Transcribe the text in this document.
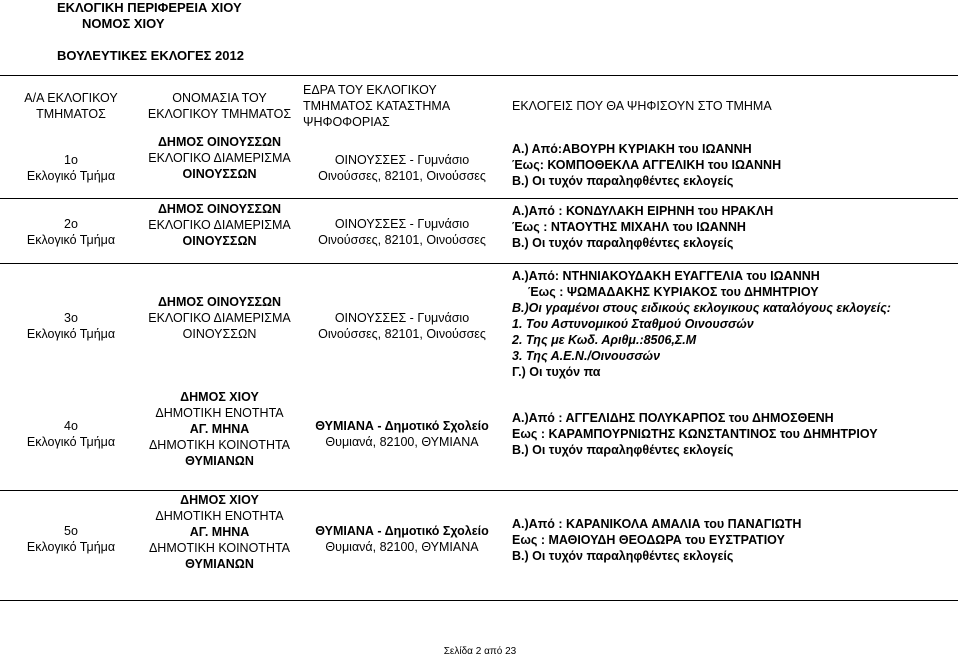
ΕΚΛΟΓΙΚΗ ΠΕΡΙΦΕΡΕΙΑ ΧΙΟΥ
ΝΟΜΟΣ ΧΙΟΥ
ΒΟΥΛΕΥΤΙΚΕΣ ΕΚΛΟΓΕΣ 2012
Α/Α ΕΚΛΟΓΙΚΟΥ
ΤΜΗΜΑΤΟΣ
ΟΝΟΜΑΣΙΑ ΤΟΥ
ΕΚΛΟΓΙΚΟΥ ΤΜΗΜΑΤΟΣ
ΕΔΡΑ ΤΟΥ ΕΚΛΟΓΙΚΟΥ
ΤΜΗΜΑΤΟΣ ΚΑΤΑΣΤΗΜΑ
ΨΗΦΟΦΟΡΙΑΣ
ΕΚΛΟΓΕΙΣ ΠΟΥ ΘΑ ΨΗΦΙΣΟΥΝ ΣΤΟ ΤΜΗΜΑ
1ο
Εκλογικό Τμήμα
ΔΗΜΟΣ ΟΙΝΟΥΣΣΩΝ
ΕΚΛΟΓΙΚΟ ΔΙΑΜΕΡΙΣΜΑ
ΟΙΝΟΥΣΣΩΝ
ΟΙΝΟΥΣΣΕΣ - Γυμνάσιο
Οινούσσες, 82101, Οινούσσες
Α.) Από:ΑΒΟΥΡΗ ΚΥΡΙΑΚΗ του ΙΩΑΝΝΗ
Έως: ΚΟΜΠΟΘΕΚΛΑ ΑΓΓΕΛΙΚΗ του ΙΩΑΝΝΗ
Β.) Οι τυχόν παραληφθέντες εκλογείς
2ο
Εκλογικό Τμήμα
ΔΗΜΟΣ ΟΙΝΟΥΣΣΩΝ
ΕΚΛΟΓΙΚΟ ΔΙΑΜΕΡΙΣΜΑ
ΟΙΝΟΥΣΣΩΝ
ΟΙΝΟΥΣΣΕΣ - Γυμνάσιο
Οινούσσες, 82101, Οινούσσες
Α.)Από : ΚΟΝΔΥΛΑΚΗ ΕΙΡΗΝΗ του ΗΡΑΚΛΗ
Έως : ΝΤΑΟΥΤΗΣ ΜΙΧΑΗΛ του ΙΩΑΝΝΗ
Β.) Οι τυχόν παραληφθέντες εκλογείς
3ο
Εκλογικό Τμήμα
ΔΗΜΟΣ ΟΙΝΟΥΣΣΩΝ
ΕΚΛΟΓΙΚΟ ΔΙΑΜΕΡΙΣΜΑ
ΟΙΝΟΥΣΣΩΝ
ΟΙΝΟΥΣΣΕΣ - Γυμνάσιο
Οινούσσες, 82101, Οινούσσες
Α.)Από: ΝΤΗΝΙΑΚΟΥΔΑΚΗ ΕΥΑΓΓΕΛΙΑ του ΙΩΑΝΝΗ
Έως : ΨΩΜΑΔΑΚΗΣ ΚΥΡΙΑΚΟΣ του ΔΗΜΗΤΡΙΟΥ
Β.)Οι γραμένοι στους ειδικούς εκλογικους καταλόγους εκλογείς:
1. Του Αστυνομικού Σταθμού Οινουσσών
2. Της με Κωδ. Αριθμ.:8506,Σ.Μ
3. Της Α.Ε.Ν./Οινουσσών
Γ.) Οι τυχόν πα
4ο
Εκλογικό Τμήμα
ΔΗΜΟΣ ΧΙΟΥ
ΔΗΜΟΤΙΚΗ ΕΝΟΤΗΤΑ
ΑΓ. ΜΗΝΑ
ΔΗΜΟΤΙΚΗ ΚΟΙΝΟΤΗΤΑ
ΘΥΜΙΑΝΩΝ
ΘΥΜΙΑΝΑ - Δημοτικό Σχολείο
Θυμιανά, 82100, ΘΥΜΙΑΝΑ
Α.)Από : ΑΓΓΕΛΙΔΗΣ ΠΟΛΥΚΑΡΠΟΣ του ΔΗΜΟΣΘΕΝΗ
Εως : ΚΑΡΑΜΠΟΥΡΝΙΩΤΗΣ ΚΩΝΣΤΑΝΤΙΝΟΣ του ΔΗΜΗΤΡΙΟΥ
Β.) Οι τυχόν παραληφθέντες εκλογείς
5ο
Εκλογικό Τμήμα
ΔΗΜΟΣ ΧΙΟΥ
ΔΗΜΟΤΙΚΗ ΕΝΟΤΗΤΑ
ΑΓ. ΜΗΝΑ
ΔΗΜΟΤΙΚΗ ΚΟΙΝΟΤΗΤΑ
ΘΥΜΙΑΝΩΝ
ΘΥΜΙΑΝΑ - Δημοτικό Σχολείο
Θυμιανά, 82100, ΘΥΜΙΑΝΑ
Α.)Από : ΚΑΡΑΝΙΚΟΛΑ ΑΜΑΛΙΑ του ΠΑΝΑΓΙΩΤΗ
Εως : ΜΑΘΙΟΥΔΗ ΘΕΟΔΩΡΑ του ΕΥΣΤΡΑΤΙΟΥ
Β.) Οι τυχόν παραληφθέντες εκλογείς
Σελίδα 2 από 23
